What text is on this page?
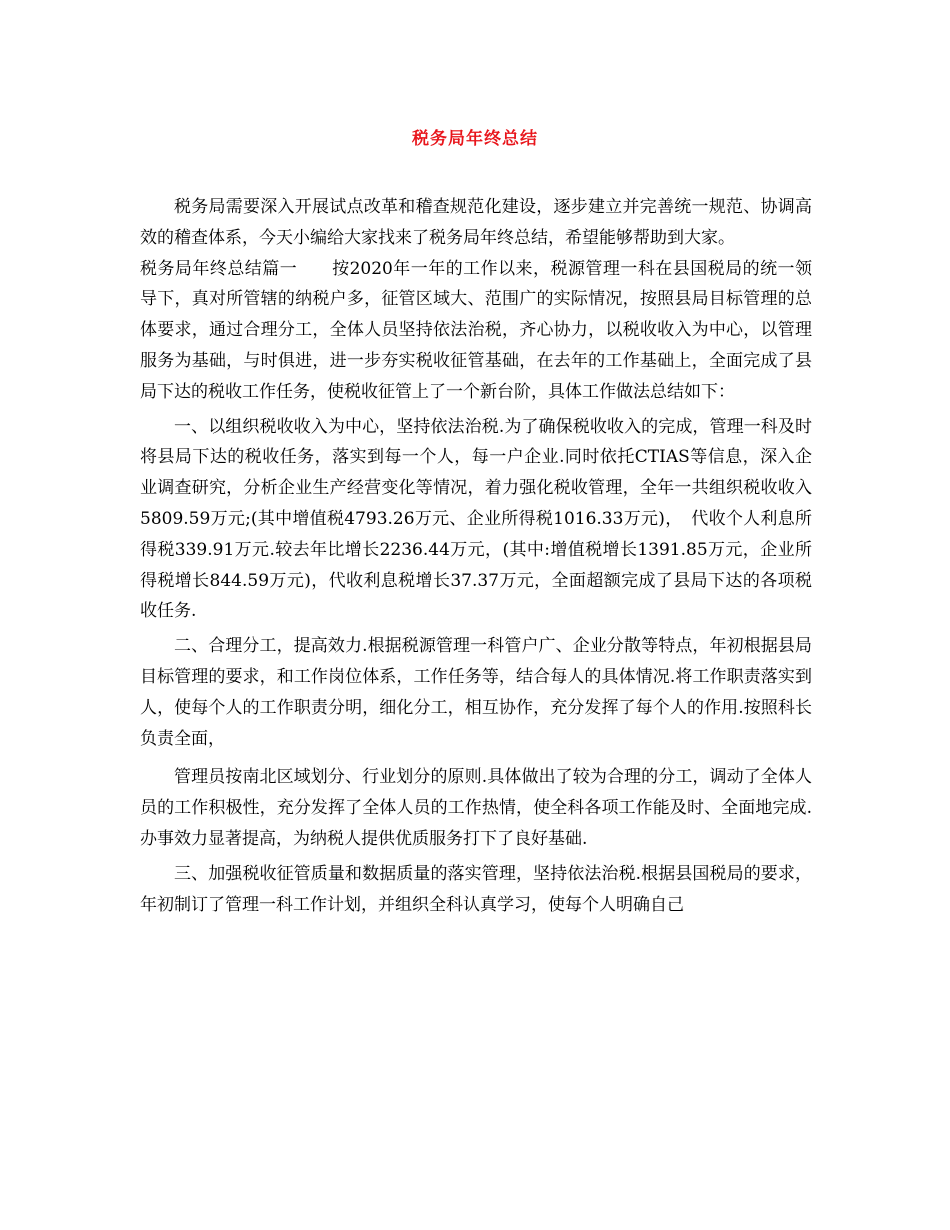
税务局年终总结

税务局需要深入开展试点改革和稽查规范化建设，逐步建立并完善统一规范、协调高效的稽查体系，今天小编给大家找来了税务局年终总结，希望能够帮助到大家。

税务局年终总结篇一　　按2020年一年的工作以来，税源管理一科在县国税局的统一领导下，真对所管辖的纳税户多，征管区域大、范围广的实际情况，按照县局目标管理的总体要求，通过合理分工，全体人员坚持依法治税，齐心协力，以税收收入为中心，以管理服务为基础，与时俱进，进一步夯实税收征管基础，在去年的工作基础上，全面完成了县局下达的税收工作任务，使税收征管上了一个新台阶，具体工作做法总结如下：

一、以组织税收收入为中心，坚持依法治税.为了确保税收收入的完成，管理一科及时将县局下达的税收任务，落实到每一个人，每一户企业.同时依托CTIAS等信息，深入企业调查研究，分析企业生产经营变化等情况，着力强化税收管理，全年一共组织税收收入5809.59万元;(其中增值税4793.26万元、企业所得税1016.33万元)，　代收个人利息所得税339.91万元.较去年比增长2236.44万元，(其中:增值税增长1391.85万元，企业所得税增长844.59万元)，代收利息税增长37.37万元，全面超额完成了县局下达的各项税收任务.

二、合理分工，提高效力.根据税源管理一科管户广、企业分散等特点，年初根据县局目标管理的要求，和工作岗位体系，工作任务等，结合每人的具体情况.将工作职责落实到人，使每个人的工作职责分明，细化分工，相互协作，充分发挥了每个人的作用.按照科长负责全面，

管理员按南北区域划分、行业划分的原则.具体做出了较为合理的分工，调动了全体人员的工作积极性，充分发挥了全体人员的工作热情，使全科各项工作能及时、全面地完成.办事效力显著提高，为纳税人提供优质服务打下了良好基础.

三、加强税收征管质量和数据质量的落实管理，坚持依法治税.根据县国税局的要求，年初制订了管理一科工作计划，并组织全科认真学习，使每个人明确自己
